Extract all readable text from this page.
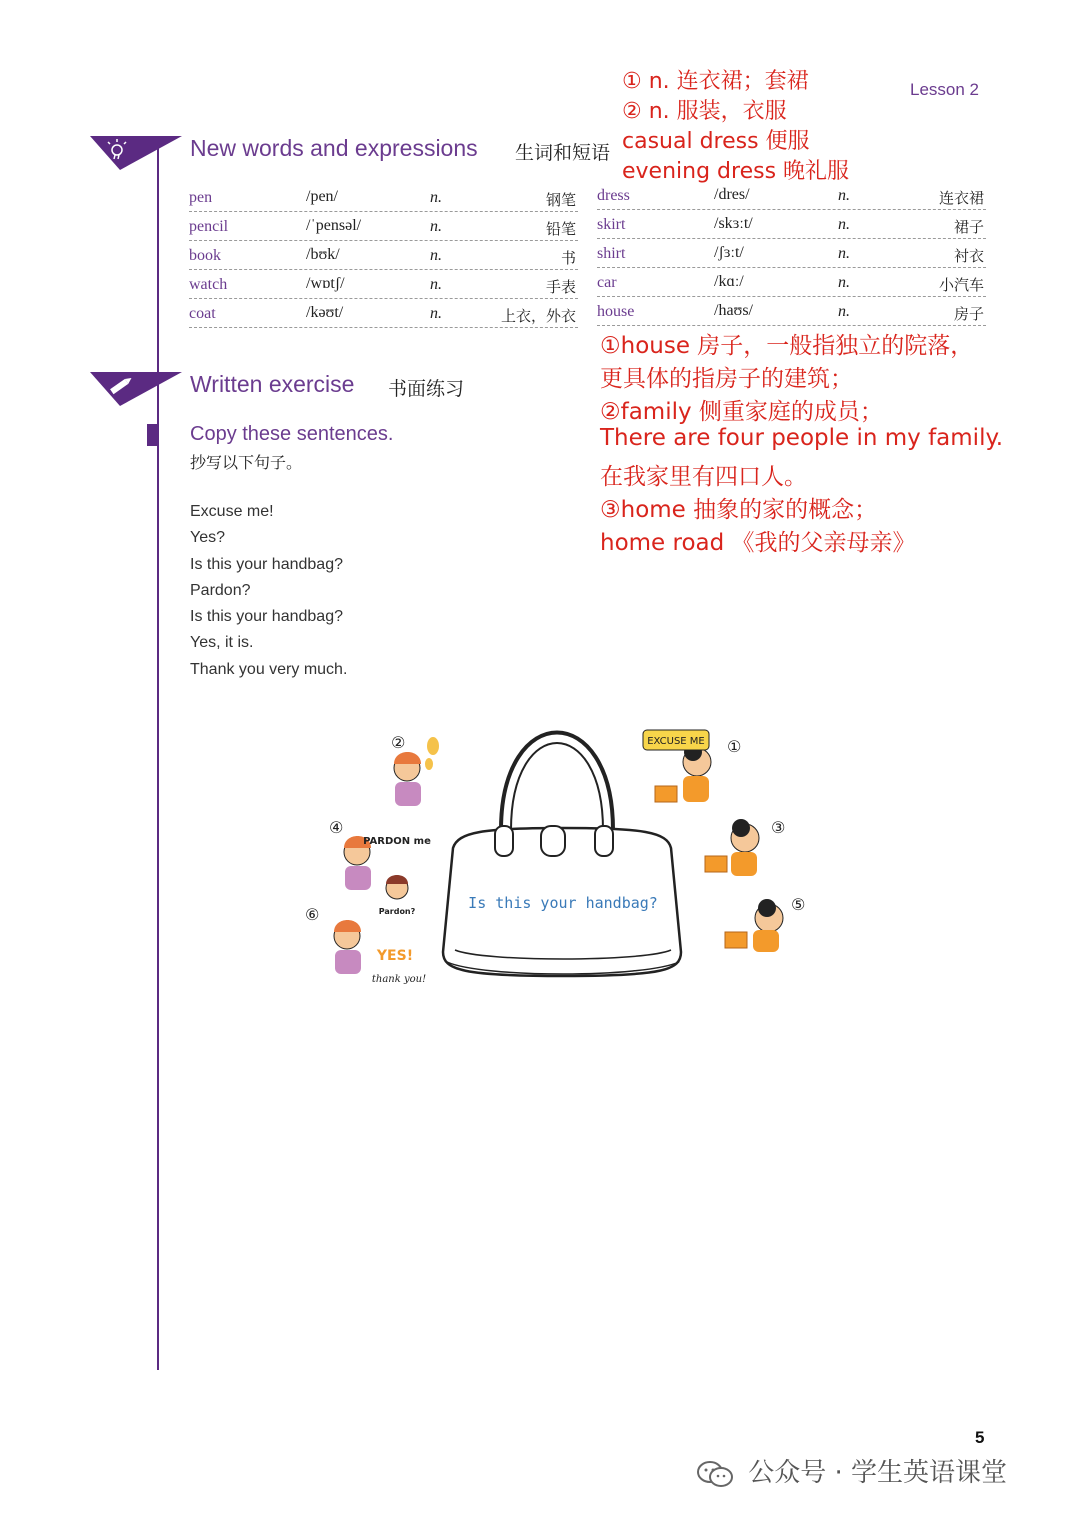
Lesson 2
New words and expressions 生词和短语
pen	/pen/	n.	钢笔
pencil	/ˈpensəl/	n.	铅笔
book	/bʊk/	n.	书
watch	/wɒtʃ/	n.	手表
coat	/kəʊt/	n.	上衣，外衣
dress	/dres/	n.	连衣裙
skirt	/skɜːt/	n.	裙子
shirt	/ʃɜːt/	n.	衬衣
car	/kɑː/	n.	小汽车
house	/haʊs/	n.	房子
Written exercise 书面练习
Copy these sentences.
抄写以下句子。
Excuse me!
Yes?
Is this your handbag?
Pardon?
Is this your handbag?
Yes, it is.
Thank you very much.
① n. 连衣裙；套裙
② n. 服装，衣服
casual dress 便服
evening dress 晚礼服
①house 房子，一般指独立的院落，
更具体的指房子的建筑；
②family 侧重家庭的成员；
There are four people in my family.
在我家里有四口人。
③home 抽象的家的概念；
home road 《我的父亲母亲》
Is this your handbag?
EXCUSE ME
PARDON me
Pardon?
YES!
thank you!
①
②
③
④
⑤
⑥
5
公众号 · 学生英语课堂
